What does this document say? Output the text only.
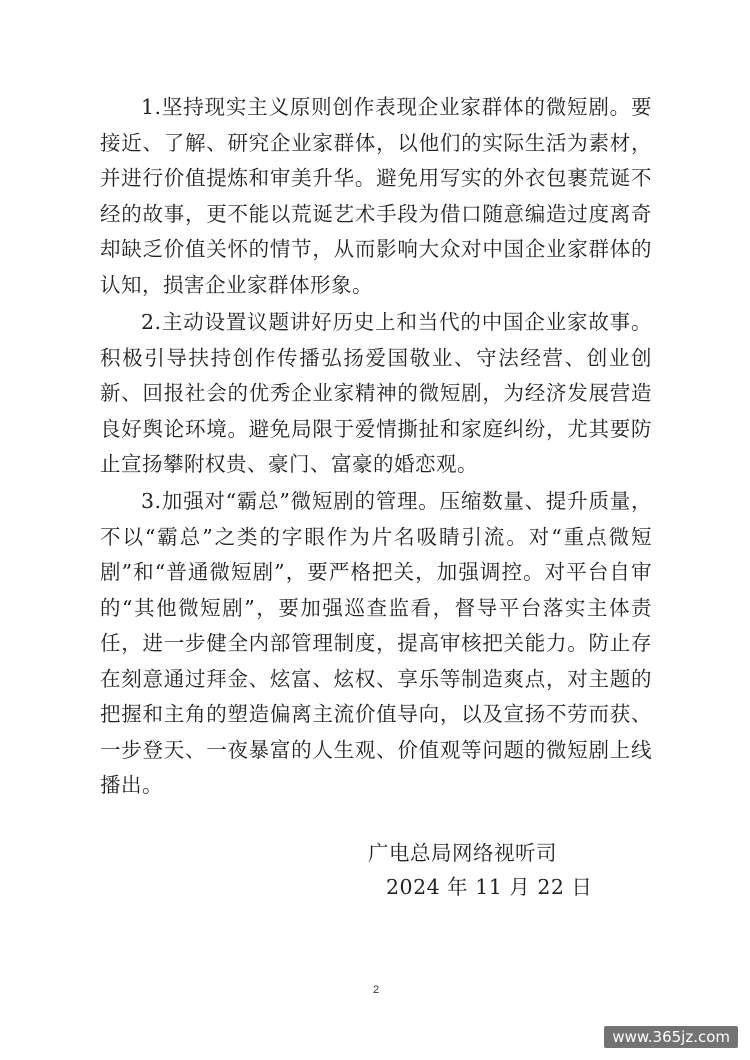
1.坚持现实主义原则创作表现企业家群体的微短剧。要接近、了解、研究企业家群体，以他们的实际生活为素材，并进行价值提炼和审美升华。避免用写实的外衣包裹荒诞不经的故事，更不能以荒诞艺术手段为借口随意编造过度离奇却缺乏价值关怀的情节，从而影响大众对中国企业家群体的认知，损害企业家群体形象。

2.主动设置议题讲好历史上和当代的中国企业家故事。积极引导扶持创作传播弘扬爱国敬业、守法经营、创业创新、回报社会的优秀企业家精神的微短剧，为经济发展营造良好舆论环境。避免局限于爱情撕扯和家庭纠纷，尤其要防止宣扬攀附权贵、豪门、富豪的婚恋观。

3.加强对“霸总”微短剧的管理。压缩数量、提升质量，不以“霸总”之类的字眼作为片名吸睛引流。对“重点微短剧”和“普通微短剧”，要严格把关，加强调控。对平台自审的“其他微短剧”，要加强巡查监看，督导平台落实主体责任，进一步健全内部管理制度，提高审核把关能力。防止存在刻意通过拜金、炫富、炫权、享乐等制造爽点，对主题的把握和主角的塑造偏离主流价值导向，以及宣扬不劳而获、一步登天、一夜暴富的人生观、价值观等问题的微短剧上线播出。

广电总局网络视听司
2024 年 11 月 22 日
2
www.365jz.com
